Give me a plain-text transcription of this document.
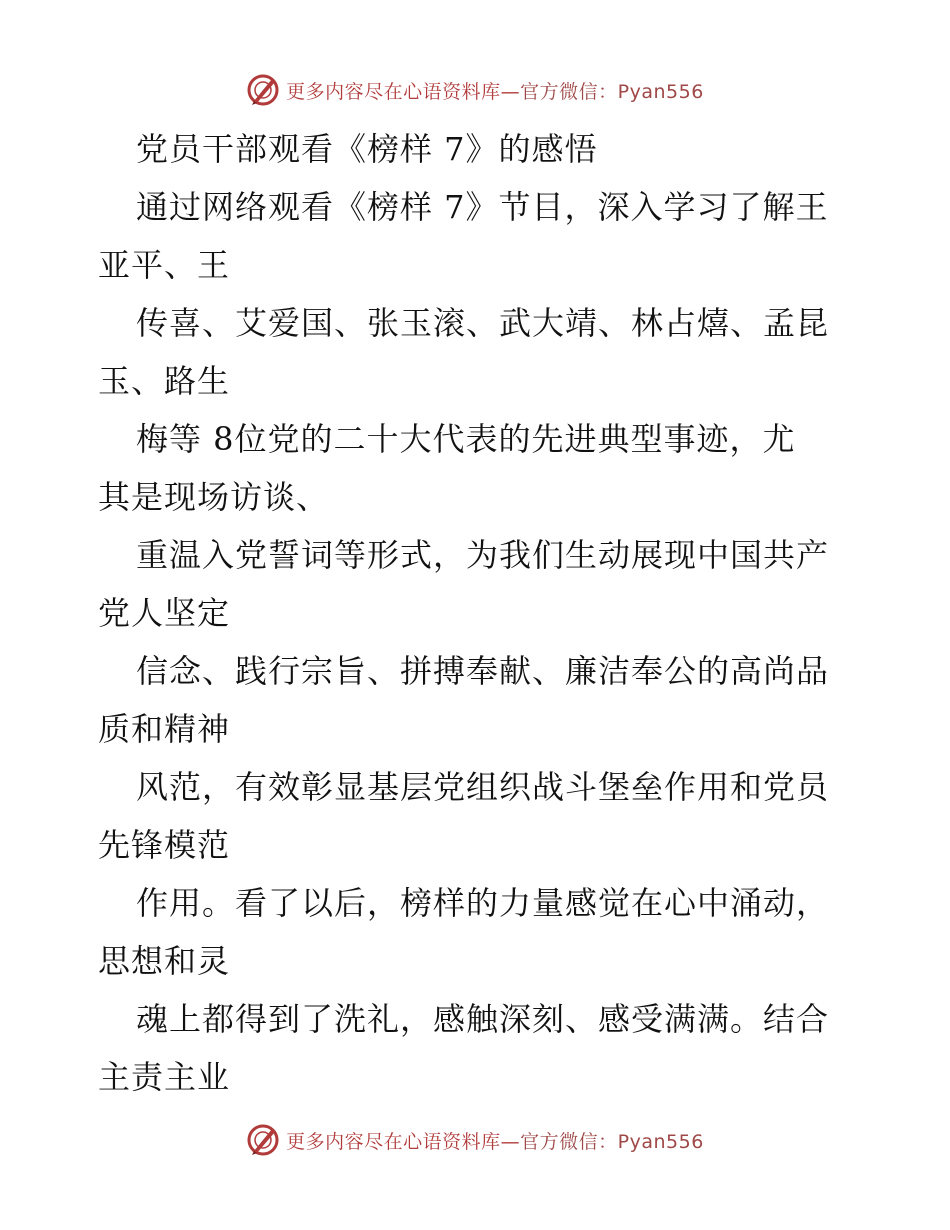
更多内容尽在心语资料库—官方微信：Pyan556
党员干部观看《榜样 7》的感悟
通过网络观看《榜样 7》节目，深入学习了解王
亚平、王
传喜、艾爱国、张玉滚、武大靖、林占熺、孟昆
玉、路生
梅等 8位党的二十大代表的先进典型事迹，尤
其是现场访谈、
重温入党誓词等形式，为我们生动展现中国共产
党人坚定
信念、践行宗旨、拼搏奉献、廉洁奉公的高尚品
质和精神
风范，有效彰显基层党组织战斗堡垒作用和党员
先锋模范
作用。看了以后，榜样的力量感觉在心中涌动，
思想和灵
魂上都得到了洗礼，感触深刻、感受满满。结合
主责主业
更多内容尽在心语资料库—官方微信：Pyan556
